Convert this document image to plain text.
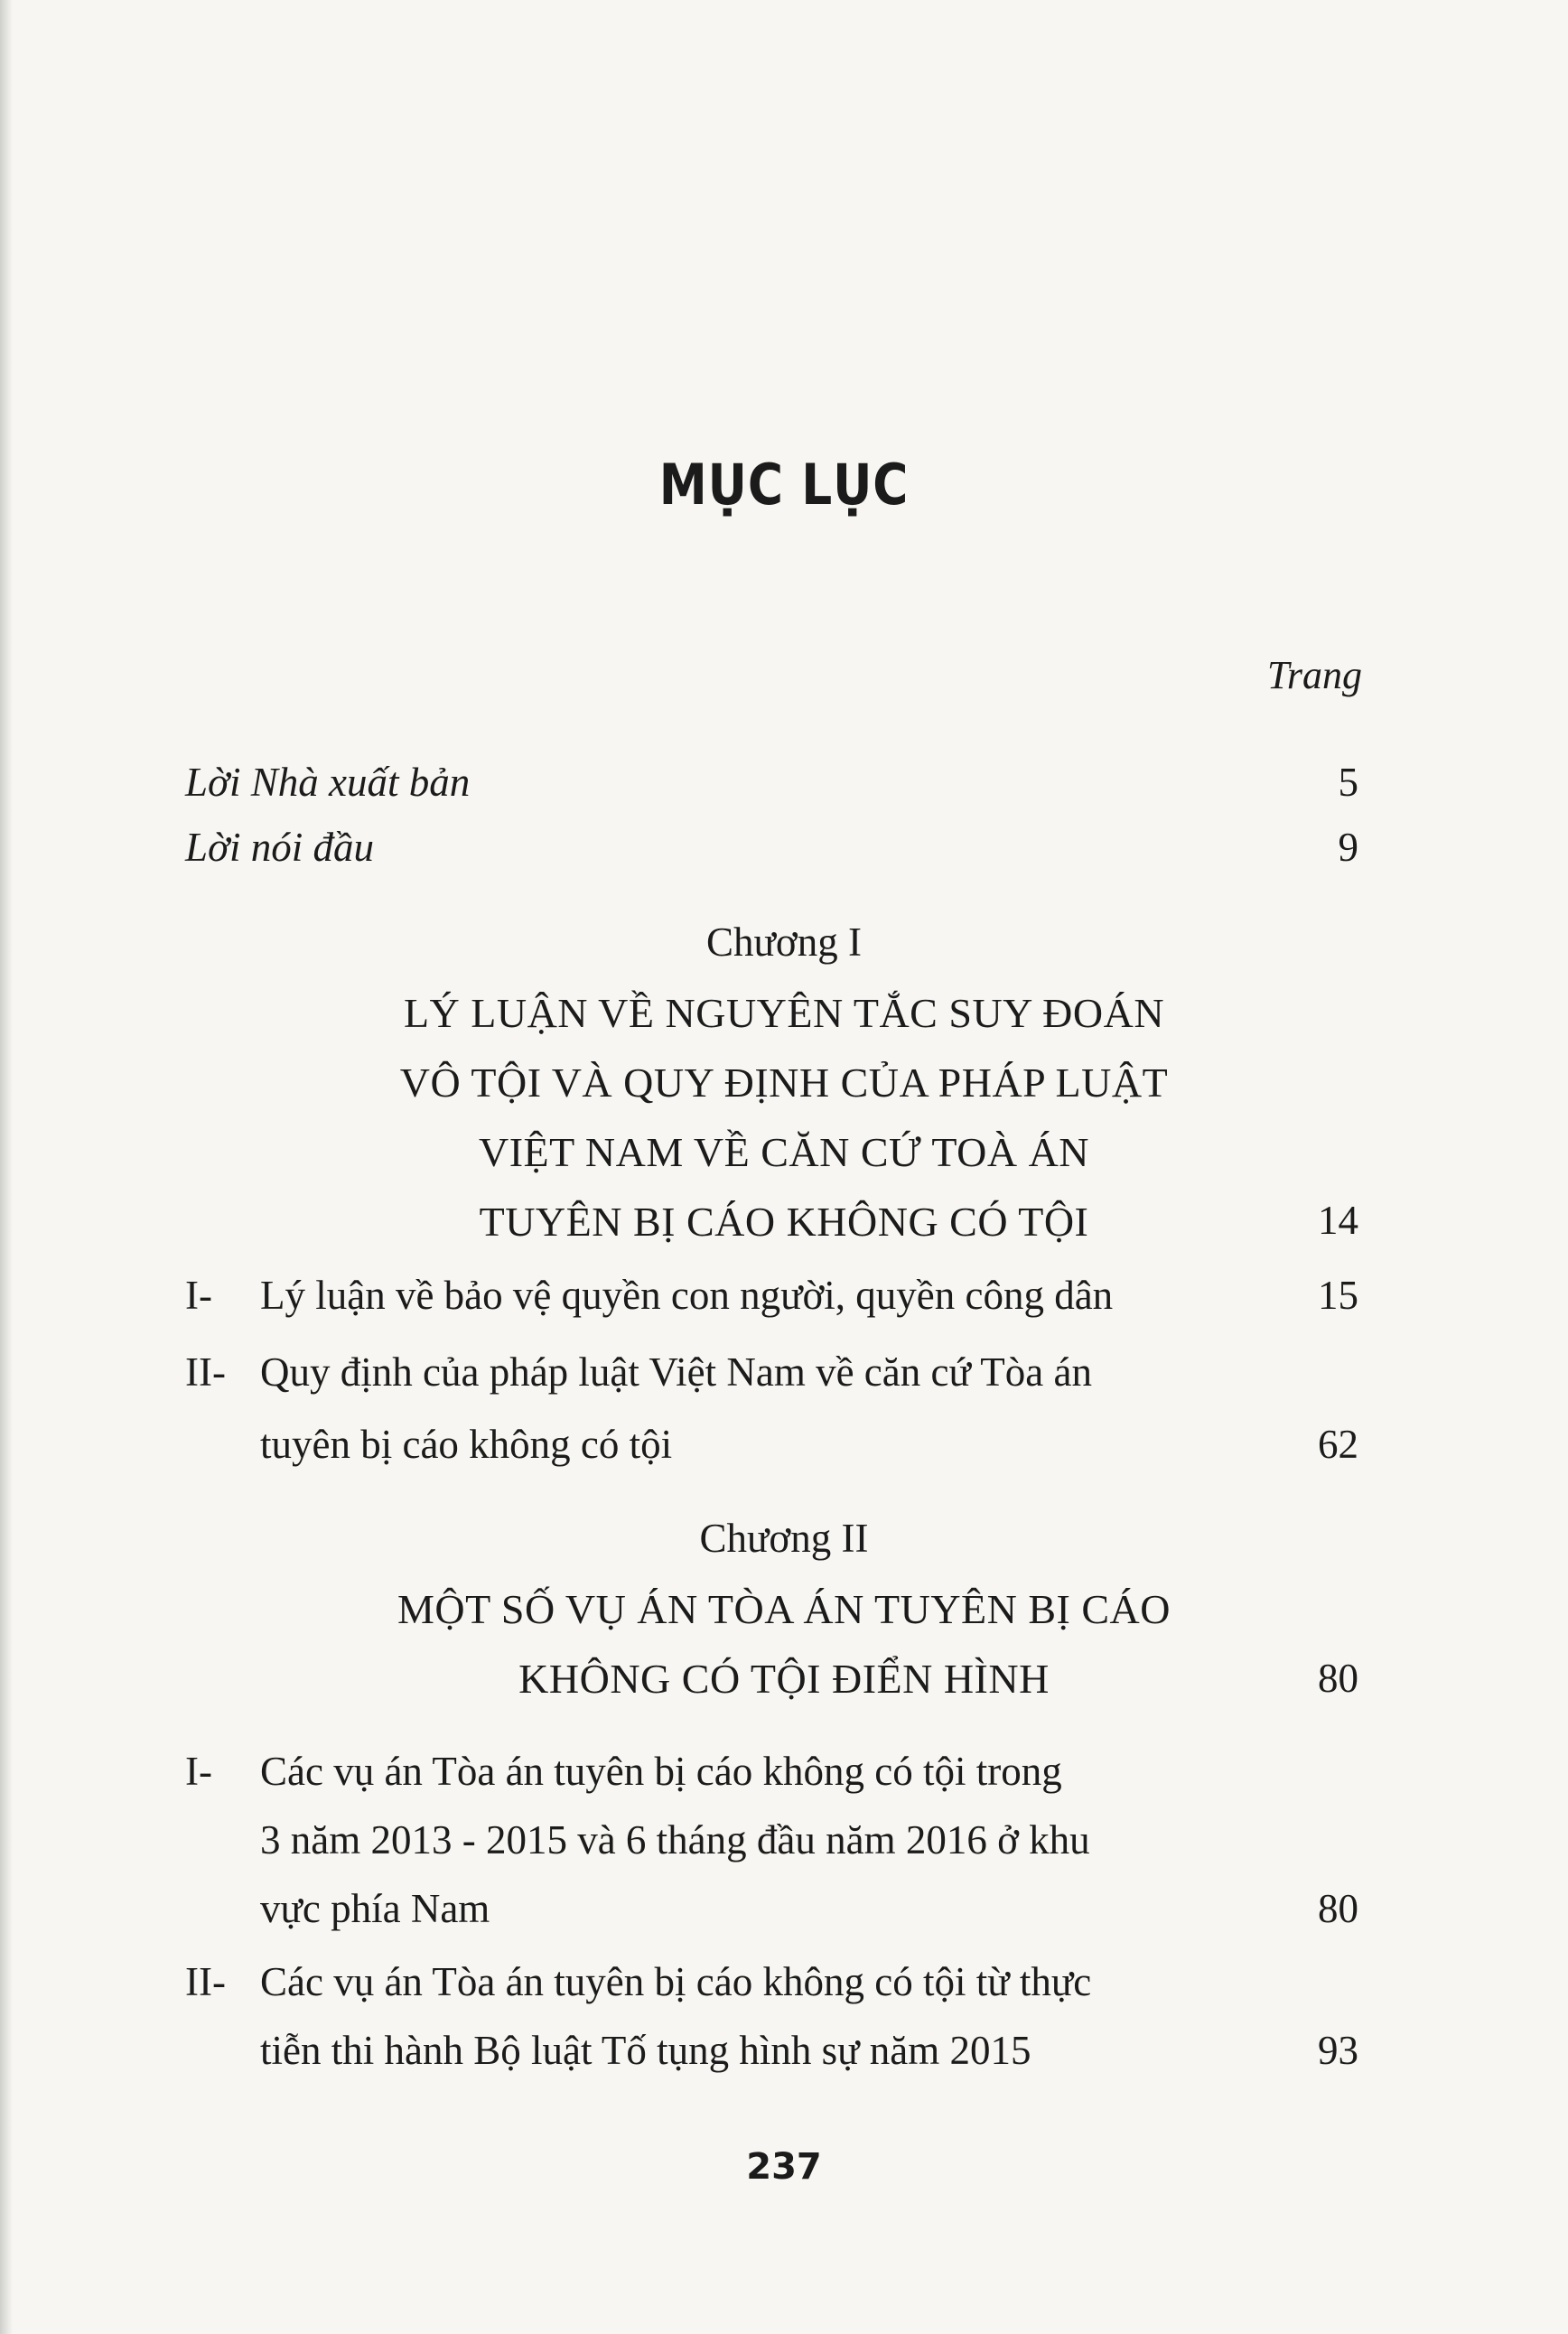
MỤC LỤC
Trang
Lời Nhà xuất bản	5
Lời nói đầu	9
Chương I
LÝ LUẬN VỀ NGUYÊN TẮC SUY ĐOÁN
VÔ TỘI VÀ QUY ĐỊNH CỦA PHÁP LUẬT
VIỆT NAM VỀ CĂN CỨ TOÀ ÁN
TUYÊN BỊ CÁO KHÔNG CÓ TỘI	14
I- Lý luận về bảo vệ quyền con người, quyền công dân	15
II- Quy định của pháp luật Việt Nam về căn cứ Tòa án
tuyên bị cáo không có tội	62
Chương II
MỘT SỐ VỤ ÁN TÒA ÁN TUYÊN BỊ CÁO
KHÔNG CÓ TỘI ĐIỂN HÌNH	80
I- Các vụ án Tòa án tuyên bị cáo không có tội trong
3 năm 2013 - 2015 và 6 tháng đầu năm 2016 ở khu
vực phía Nam	80
II- Các vụ án Tòa án tuyên bị cáo không có tội từ thực
tiễn thi hành Bộ luật Tố tụng hình sự năm 2015	93
237
